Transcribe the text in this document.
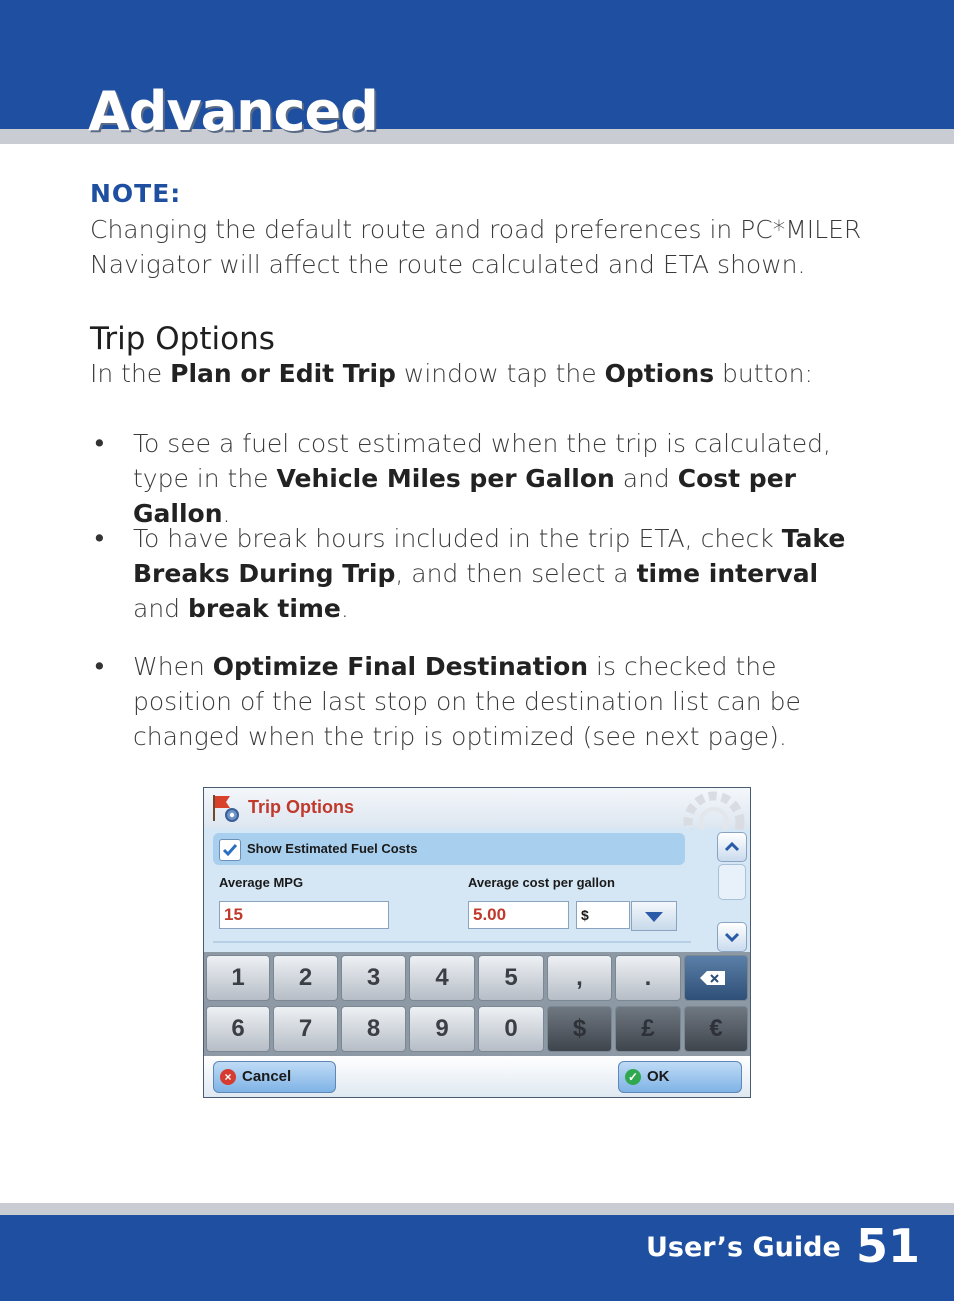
Advanced
NOTE:
Changing the default route and road preferences in PC*MILER Navigator will affect the route calculated and ETA shown.
Trip Options
In the Plan or Edit Trip window tap the Options button:
• To see a fuel cost estimated when the trip is calculated, type in the Vehicle Miles per Gallon and Cost per Gallon.
• To have break hours included in the trip ETA, check Take Breaks During Trip, and then select a time interval and break time.
• When Optimize Final Destination is checked the position of the last stop on the destination list can be changed when the trip is optimized (see next page).
Trip Options
Show Estimated Fuel Costs
Average MPG	Average cost per gallon
15	5.00	$
1	2	3	4	5	,	.
6	7	8	9	0	$	£	€
× Cancel	✓ OK
User’s Guide 51
